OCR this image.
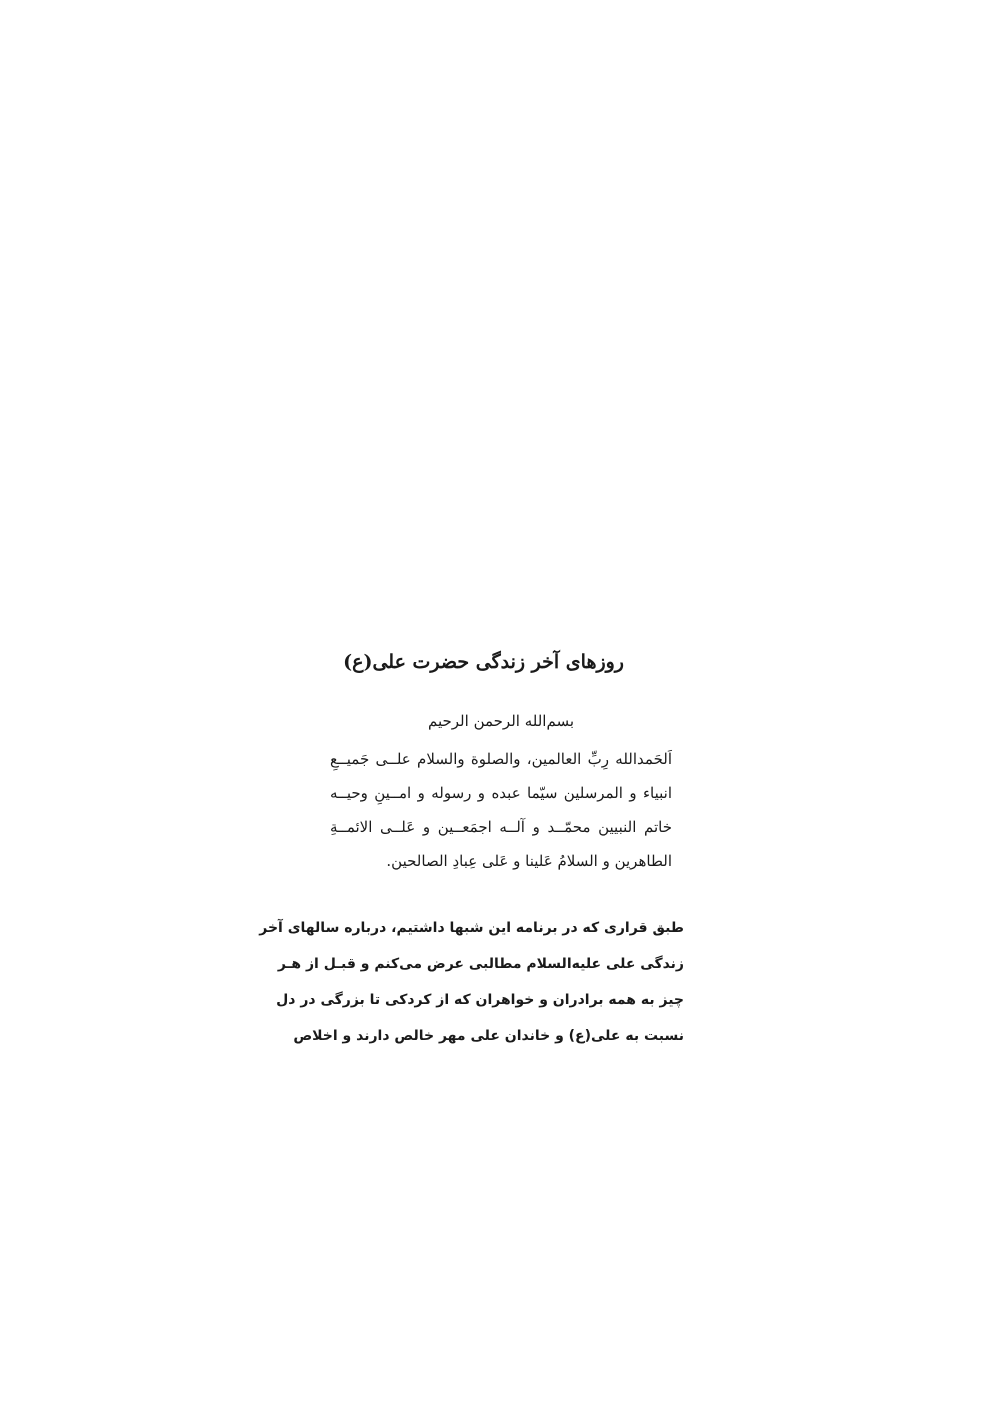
روزهای آخر زندگی حضرت علی(ع)
بسم‌الله الرحمن الرحیم
اَلحَمدالله رِبِّ العالمین، والصلوة والسلام علــی جَمیــعِ
انبیاء و المرسلین سیّما عبده و رسوله و امــینِ وحیــه
خاتم النبیین محمّــد و آلــه اجمَعــین و عَلــی الائمــةِ
الطاهرین و السلامُ عَلینا و عَلی عِبادِ الصالحین.
طبق قراری که در برنامه این شبها داشتیم، درباره سالهای آخر
زندگی علی علیه‌السلام مطالبی عرض می‌کنم و قبـل از هـر
چیز به همه برادران و خواهران که از کردکی تا بزرگی در دل
نسبت به علی(ع) و خاندان علی مهر خالص دارند و اخلاص
